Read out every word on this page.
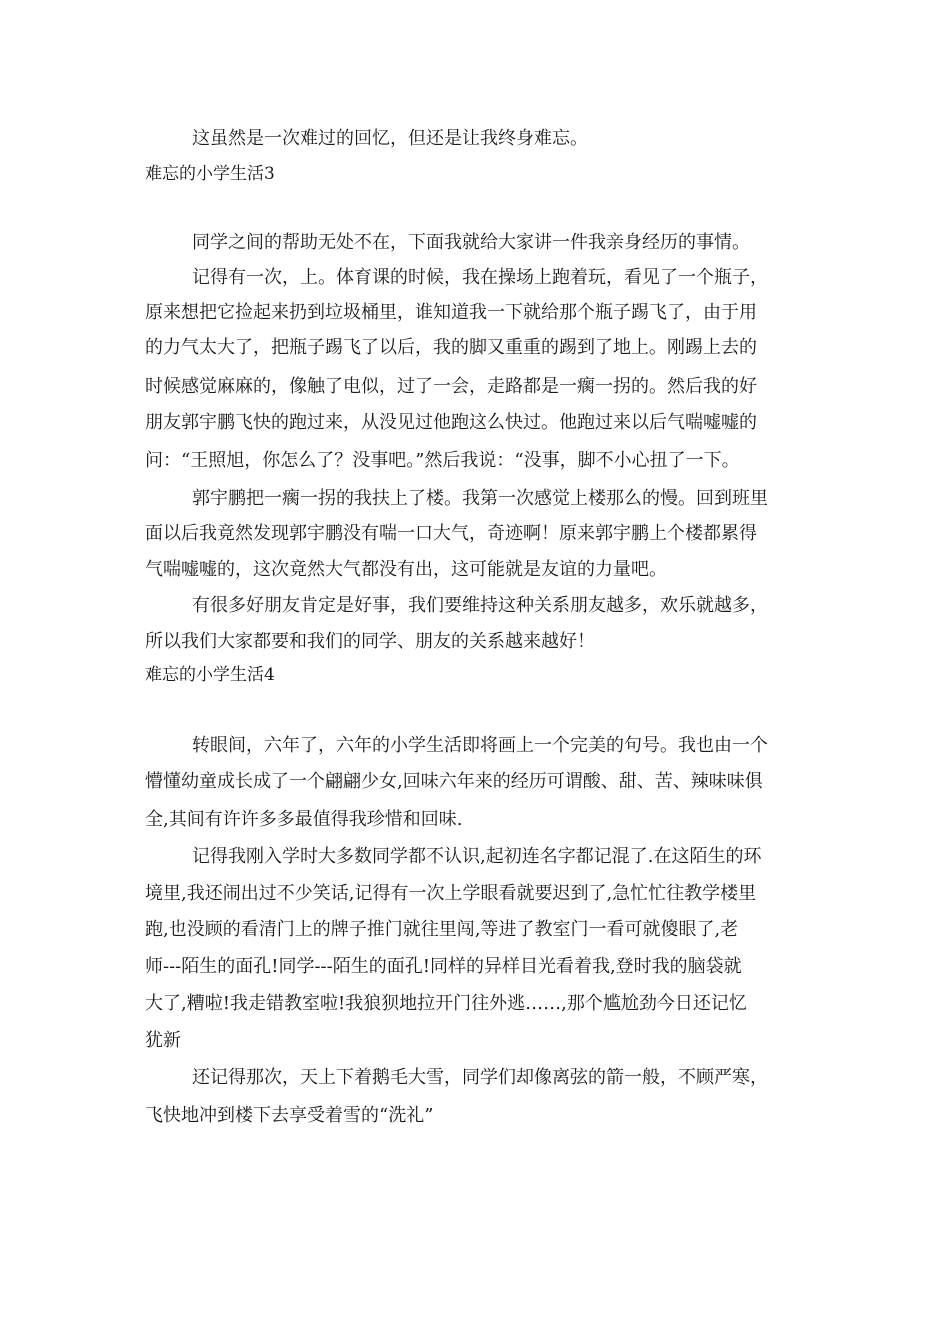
这虽然是一次难过的回忆，但还是让我终身难忘。
难忘的小学生活3
同学之间的帮助无处不在，下面我就给大家讲一件我亲身经历的事情。
记得有一次，上。体育课的时候，我在操场上跑着玩，看见了一个瓶子，
原来想把它捡起来扔到垃圾桶里，谁知道我一下就给那个瓶子踢飞了，由于用
的力气太大了，把瓶子踢飞了以后，我的脚又重重的踢到了地上。刚踢上去的
时候感觉麻麻的，像触了电似，过了一会，走路都是一瘸一拐的。然后我的好
朋友郭宇鹏飞快的跑过来，从没见过他跑这么快过。他跑过来以后气喘嘘嘘的
问：“王照旭，你怎么了？没事吧。”然后我说：“没事，脚不小心扭了一下。
郭宇鹏把一瘸一拐的我扶上了楼。我第一次感觉上楼那么的慢。回到班里
面以后我竟然发现郭宇鹏没有喘一口大气，奇迹啊！原来郭宇鹏上个楼都累得
气喘嘘嘘的，这次竟然大气都没有出，这可能就是友谊的力量吧。
有很多好朋友肯定是好事，我们要维持这种关系朋友越多，欢乐就越多，
所以我们大家都要和我们的同学、朋友的关系越来越好！
难忘的小学生活4
转眼间，六年了，六年的小学生活即将画上一个完美的句号。我也由一个
懵懂幼童成长成了一个翩翩少女,回味六年来的经历可谓酸、甜、苦、辣味味俱
全,其间有许许多多最值得我珍惜和回味.
记得我刚入学时大多数同学都不认识,起初连名字都记混了.在这陌生的环
境里,我还闹出过不少笑话,记得有一次上学眼看就要迟到了,急忙忙往教学楼里
跑,也没顾的看清门上的牌子推门就往里闯,等进了教室门一看可就傻眼了,老
师---陌生的面孔!同学---陌生的面孔!同样的异样目光看着我,登时我的脑袋就
大了,糟啦!我走错教室啦!我狼狈地拉开门往外逃……,那个尴尬劲今日还记忆
犹新
还记得那次，天上下着鹅毛大雪，同学们却像离弦的箭一般，不顾严寒，
飞快地冲到楼下去享受着雪的“洗礼”
